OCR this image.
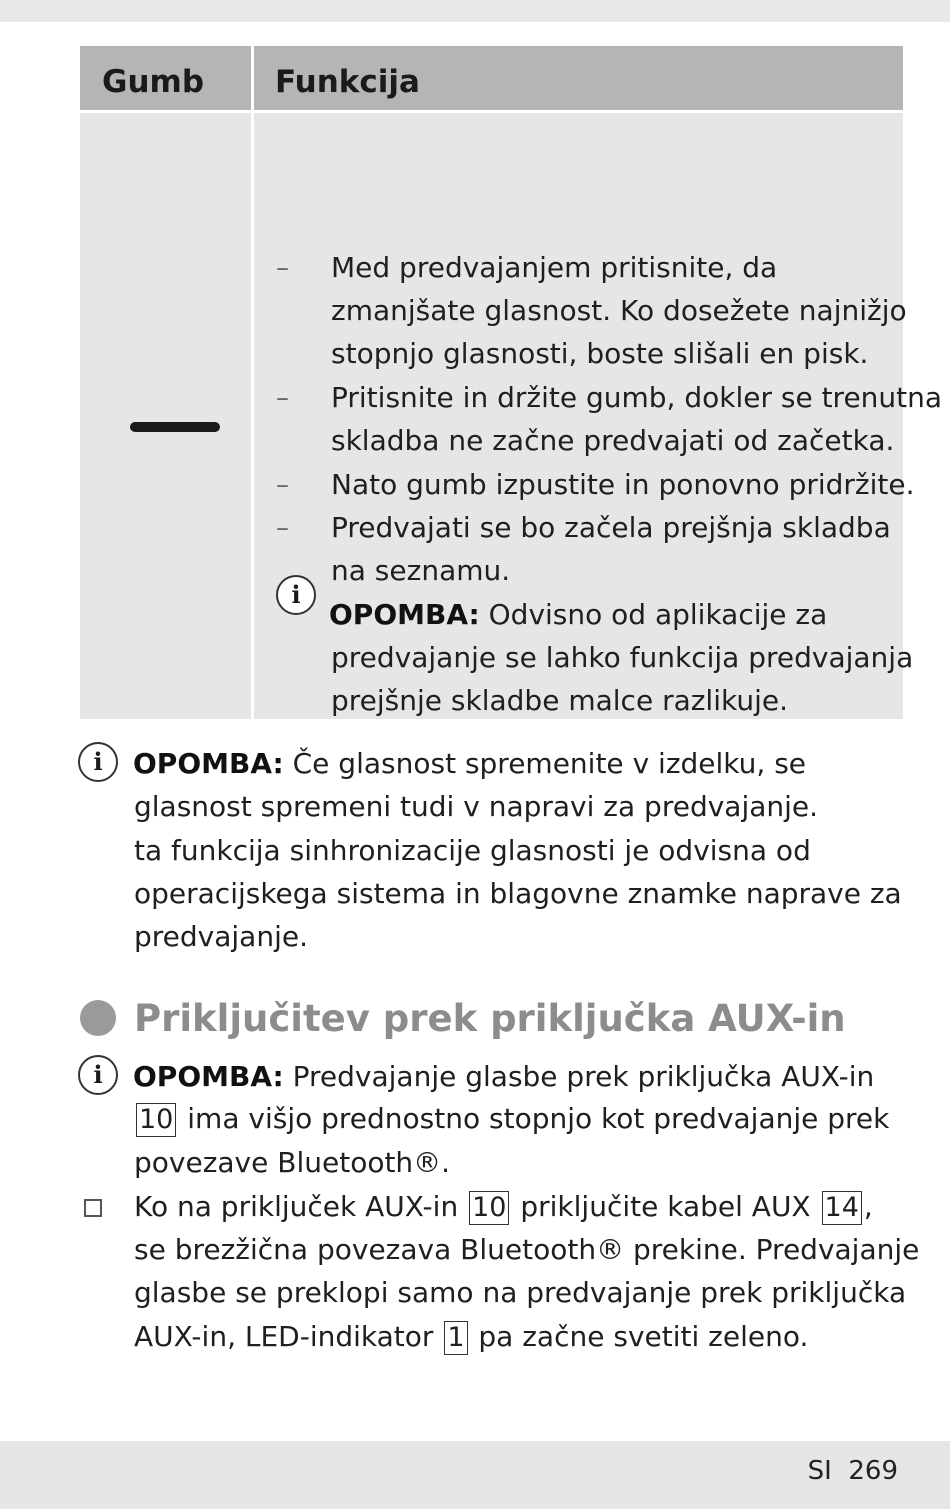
Gumb Funkcija
– Med predvajanjem pritisnite, da
zmanjšate glasnost. Ko dosežete najnižjo
stopnjo glasnosti, boste slišali en pisk.
– Pritisnite in držite gumb, dokler se trenutna
skladba ne začne predvajati od začetka.
– Nato gumb izpustite in ponovno pridržite.
– Predvajati se bo začela prejšnja skladba
na seznamu.
i
OPOMBA: Odvisno od aplikacije za
predvajanje se lahko funkcija predvajanja
prejšnje skladbe malce razlikuje.
i	OPOMBA: Če glasnost spremenite v izdelku, se
glasnost spremeni tudi v napravi za predvajanje.
ta funkcija sinhronizacije glasnosti je odvisna od
operacijskega sistema in blagovne znamke naprave za
predvajanje.
Priključitev prek priključka AUX-in
i	OPOMBA: Predvajanje glasbe prek priključka AUX-in
10 ima višjo prednostno stopnjo kot predvajanje prek
povezave Bluetooth®.
Ko na priključek AUX-in 10 priključite kabel AUX 14 ,
se brezžična povezava Bluetooth® prekine. Predvajanje
glasbe se preklopi samo na predvajanje prek priključka
AUX-in, LED-indikator 1 pa začne svetiti zeleno.
SI 269
